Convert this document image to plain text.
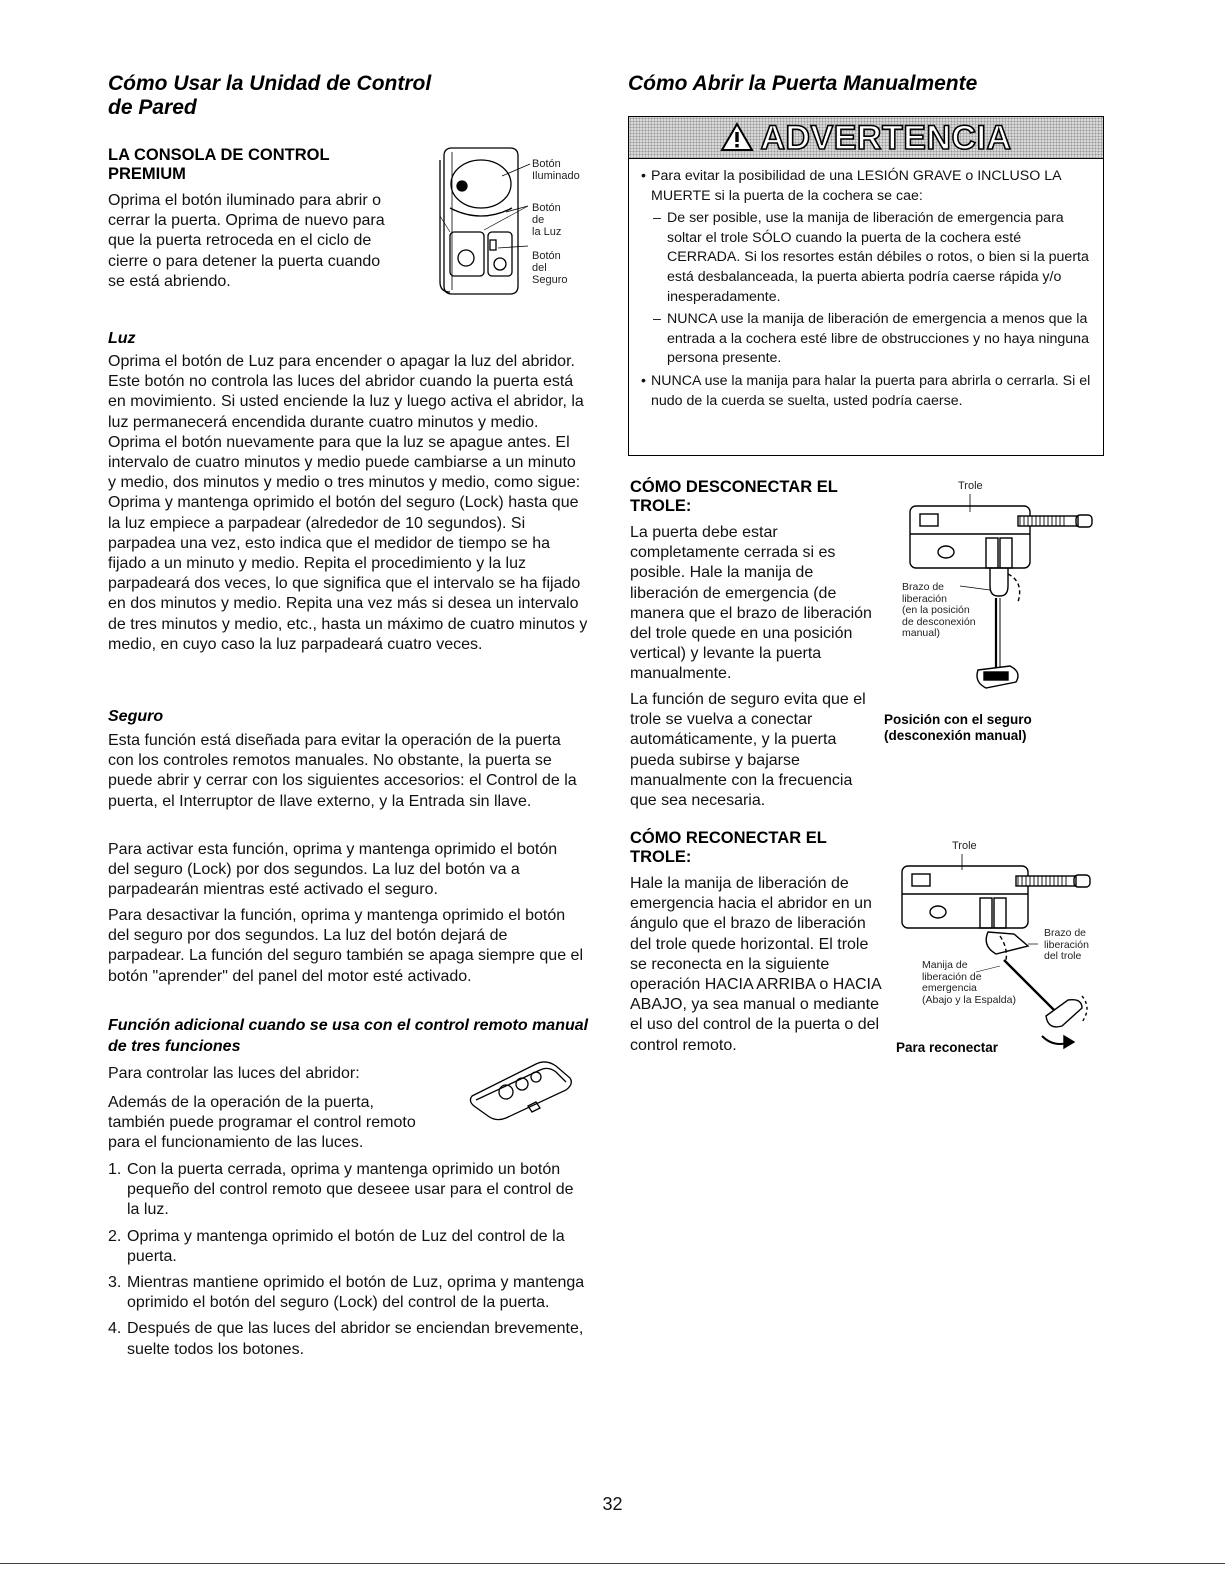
Cómo Usar la Unidad de Control
de Pared
LA CONSOLA DE CONTROL
PREMIUM

Oprima el botón iluminado para abrir o

cerrar la puerta. Oprima de nuevo para

que la puerta retroceda en el ciclo de

cierre o para detener la puerta cuando

se está abriendo.

Botón
Iluminado
Botón
de
la Luz
Botón
del
Seguro
Luz

Oprima el botón de Luz para encender o apagar la luz del abridor. Este botón no controla las luces del abridor cuando la puerta está en movimiento. Si usted enciende la luz y luego activa el abridor, la luz permanecerá encendida durante cuatro minutos y medio. Oprima el botón nuevamente para que la luz se apague antes. El intervalo de cuatro minutos y medio puede cambiarse a un minuto y medio, dos minutos y medio o tres minutos y medio, como sigue: Oprima y mantenga oprimido el botón del seguro (Lock) hasta que la luz empiece a parpadear (alrededor de 10 segundos). Si parpadea una vez, esto indica que el medidor de tiempo se ha fijado a un minuto y medio. Repita el procedimiento y la luz parpadeará dos veces, lo que significa que el intervalo se ha fijado en dos minutos y medio. Repita una vez más si desea un intervalo de tres minutos y medio, etc., hasta un máximo de cuatro minutos y medio, en cuyo caso la luz parpadeará cuatro veces.

Seguro

Esta función está diseñada para evitar la operación de la puerta con los controles remotos manuales. No obstante, la puerta se puede abrir y cerrar con los siguientes accesorios: el Control de la puerta, el Interruptor de llave externo, y la Entrada sin llave.

Para activar esta función, oprima y mantenga oprimido el botón del seguro (Lock) por dos segundos. La luz del botón va a parpadearán mientras esté activado el seguro.

Para desactivar la función, oprima y mantenga oprimido el botón del seguro por dos segundos. La luz del botón dejará de parpadear. La función del seguro también se apaga siempre que el botón "aprender" del panel del motor esté activado.

Función adicional cuando se usa con el control remoto manual de tres funciones

Para controlar las luces del abridor:

Además de la operación de la puerta,

también puede programar el control remoto

para el funcionamiento de las luces.

1. Con la puerta cerrada, oprima y mantenga oprimido un botón pequeño del control remoto que deseee usar para el control de la luz.
2. Oprima y mantenga oprimido el botón de Luz del control de la puerta.
3. Mientras mantiene oprimido el botón de Luz, oprima y mantenga oprimido el botón del seguro (Lock) del control de la puerta.
4. Después de que las luces del abridor se enciendan brevemente, suelte todos los botones.
Cómo Abrir la Puerta Manualmente
ADVERTENCIA
• Para evitar la posibilidad de una LESIÓN GRAVE o INCLUSO LA MUERTE si la puerta de la cochera se cae:
– De ser posible, use la manija de liberación de emergencia para soltar el trole SÓLO cuando la puerta de la cochera esté CERRADA. Si los resortes están débiles o rotos, o bien si la puerta está desbalanceada, la puerta abierta podría caerse rápida y/o inesperadamente.
– NUNCA use la manija de liberación de emergencia a menos que la entrada a la cochera esté libre de obstrucciones y no haya ninguna persona presente.
• NUNCA use la manija para halar la puerta para abrirla o cerrarla. Si el nudo de la cuerda se suelta, usted podría caerse.
CÓMO DESCONECTAR EL
TROLE:

La puerta debe estar completamente cerrada si es posible. Hale la manija de liberación de emergencia (de manera que el brazo de liberación del trole quede en una posición vertical) y levante la puerta manualmente.

La función de seguro evita que el trole se vuelva a conectar automáticamente, y la puerta pueda subirse y bajarse manualmente con la frecuencia que sea necesaria.

Trole
Brazo de
liberación
(en la posición
de desconexión
manual)
Posición con el seguro
(desconexión manual)
CÓMO RECONECTAR EL
TROLE:

Hale la manija de liberación de emergencia hacia el abridor en un ángulo que el brazo de liberación del trole quede horizontal. El trole se reconecta en la siguiente operación HACIA ARRIBA o HACIA ABAJO, ya sea manual o mediante el uso del control de la puerta o del control remoto.

Trole
Brazo de
liberación
del trole
Manija de
liberación de
emergencia
(Abajo y la Espalda)
Para reconectar
32
